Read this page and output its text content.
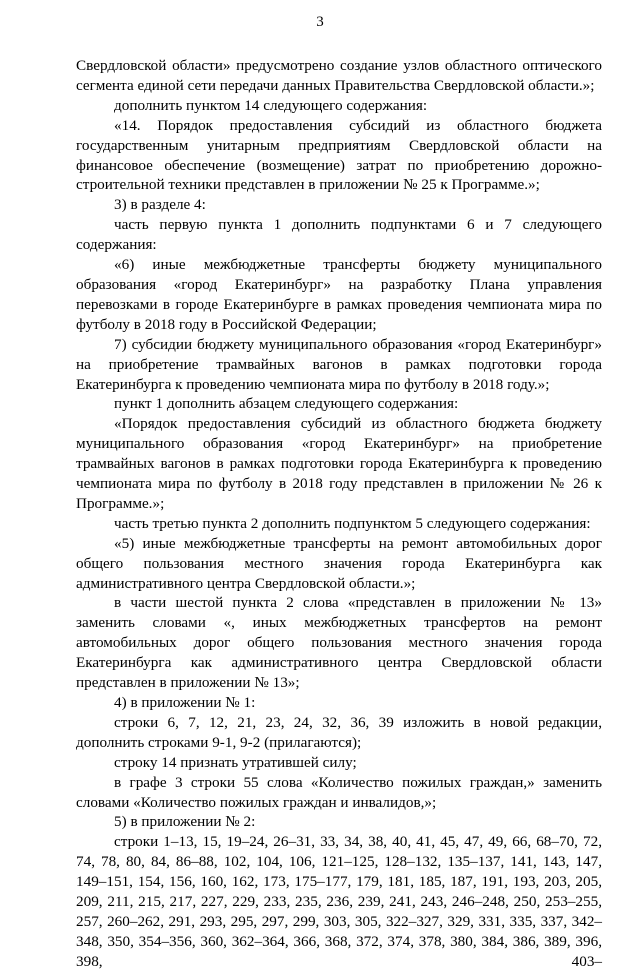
3

Свердловской области» предусмотрено создание узлов областного оптического сегмента единой сети передачи данных Правительства Свердловской области.»;

дополнить пунктом 14 следующего содержания:

«14. Порядок предоставления субсидий из областного бюджета государственным унитарным предприятиям Свердловской области на финансовое обеспечение (возмещение) затрат по приобретению дорожно-строительной техники представлен в приложении № 25 к Программе.»;

3) в разделе 4:

часть первую пункта 1 дополнить подпунктами 6 и 7 следующего содержания:

«6) иные межбюджетные трансферты бюджету муниципального образования «город Екатеринбург» на разработку Плана управления перевозками в городе Екатеринбурге в рамках проведения чемпионата мира по футболу в 2018 году в Российской Федерации;

7) субсидии бюджету муниципального образования «город Екатеринбург» на приобретение трамвайных вагонов в рамках подготовки города Екатеринбурга к проведению чемпионата мира по футболу в 2018 году.»;

пункт 1 дополнить абзацем следующего содержания:

«Порядок предоставления субсидий из областного бюджета бюджету муниципального образования «город Екатеринбург» на приобретение трамвайных вагонов в рамках подготовки города Екатеринбурга к проведению чемпионата мира по футболу в 2018 году представлен в приложении № 26 к Программе.»;

часть третью пункта 2 дополнить подпунктом 5 следующего содержания:

«5) иные межбюджетные трансферты на ремонт автомобильных дорог общего пользования местного значения города Екатеринбурга как административного центра Свердловской области.»;

в части шестой пункта 2 слова «представлен в приложении № 13» заменить словами «, иных межбюджетных трансфертов на ремонт автомобильных дорог общего пользования местного значения города Екатеринбурга как административного центра Свердловской области представлен в приложении № 13»;

4) в приложении № 1:

строки 6, 7, 12, 21, 23, 24, 32, 36, 39 изложить в новой редакции, дополнить строками 9-1, 9-2 (прилагаются);

строку 14 признать утратившей силу;

в графе 3 строки 55 слова «Количество пожилых граждан,» заменить словами «Количество пожилых граждан и инвалидов,»;

5) в приложении № 2:

строки 1–13, 15, 19–24, 26–31, 33, 34, 38, 40, 41, 45, 47, 49, 66, 68–70, 72, 74, 78, 80, 84, 86–88, 102, 104, 106, 121–125, 128–132, 135–137, 141, 143, 147, 149–151, 154, 156, 160, 162, 173, 175–177, 179, 181, 185, 187, 191, 193, 203, 205, 209, 211, 215, 217, 227, 229, 233, 235, 236, 239, 241, 243, 246–248, 250, 253–255, 257, 260–262, 291, 293, 295, 297, 299, 303, 305, 322–327, 329, 331, 335, 337, 342–348, 350, 354–356, 360, 362–364, 366, 368, 372, 374, 378, 380, 384, 386, 389, 396, 398, 403–
